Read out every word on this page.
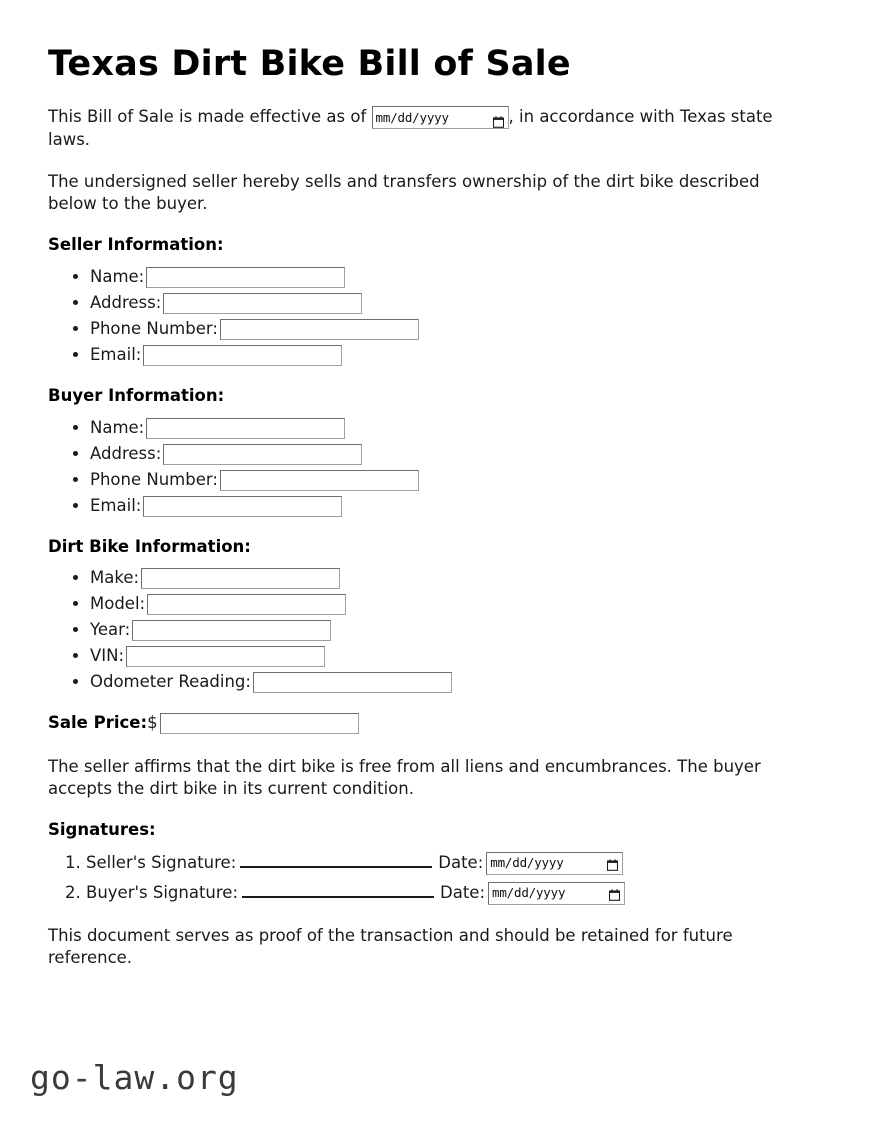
Texas Dirt Bike Bill of Sale

This Bill of Sale is made effective as of mm/dd/yyyy	, in accordance with Texas state laws.

The undersigned seller hereby sells and transfers ownership of the dirt bike described below to the buyer.

Seller Information:
• Name:
• Address:
• Phone Number:
• Email:
Buyer Information:
• Name:
• Address:
• Phone Number:
• Email:
Dirt Bike Information:
• Make:
• Model:
• Year:
• VIN:
• Odometer Reading:
Sale Price:$

The seller affirms that the dirt bike is free from all liens and encumbrances. The buyer accepts the dirt bike in its current condition.

Signatures:
1. Seller's Signature:	Date: mm/dd/yyyy
2. Buyer's Signature:	Date: mm/dd/yyyy

This document serves as proof of the transaction and should be retained for future reference.

go-law.org
